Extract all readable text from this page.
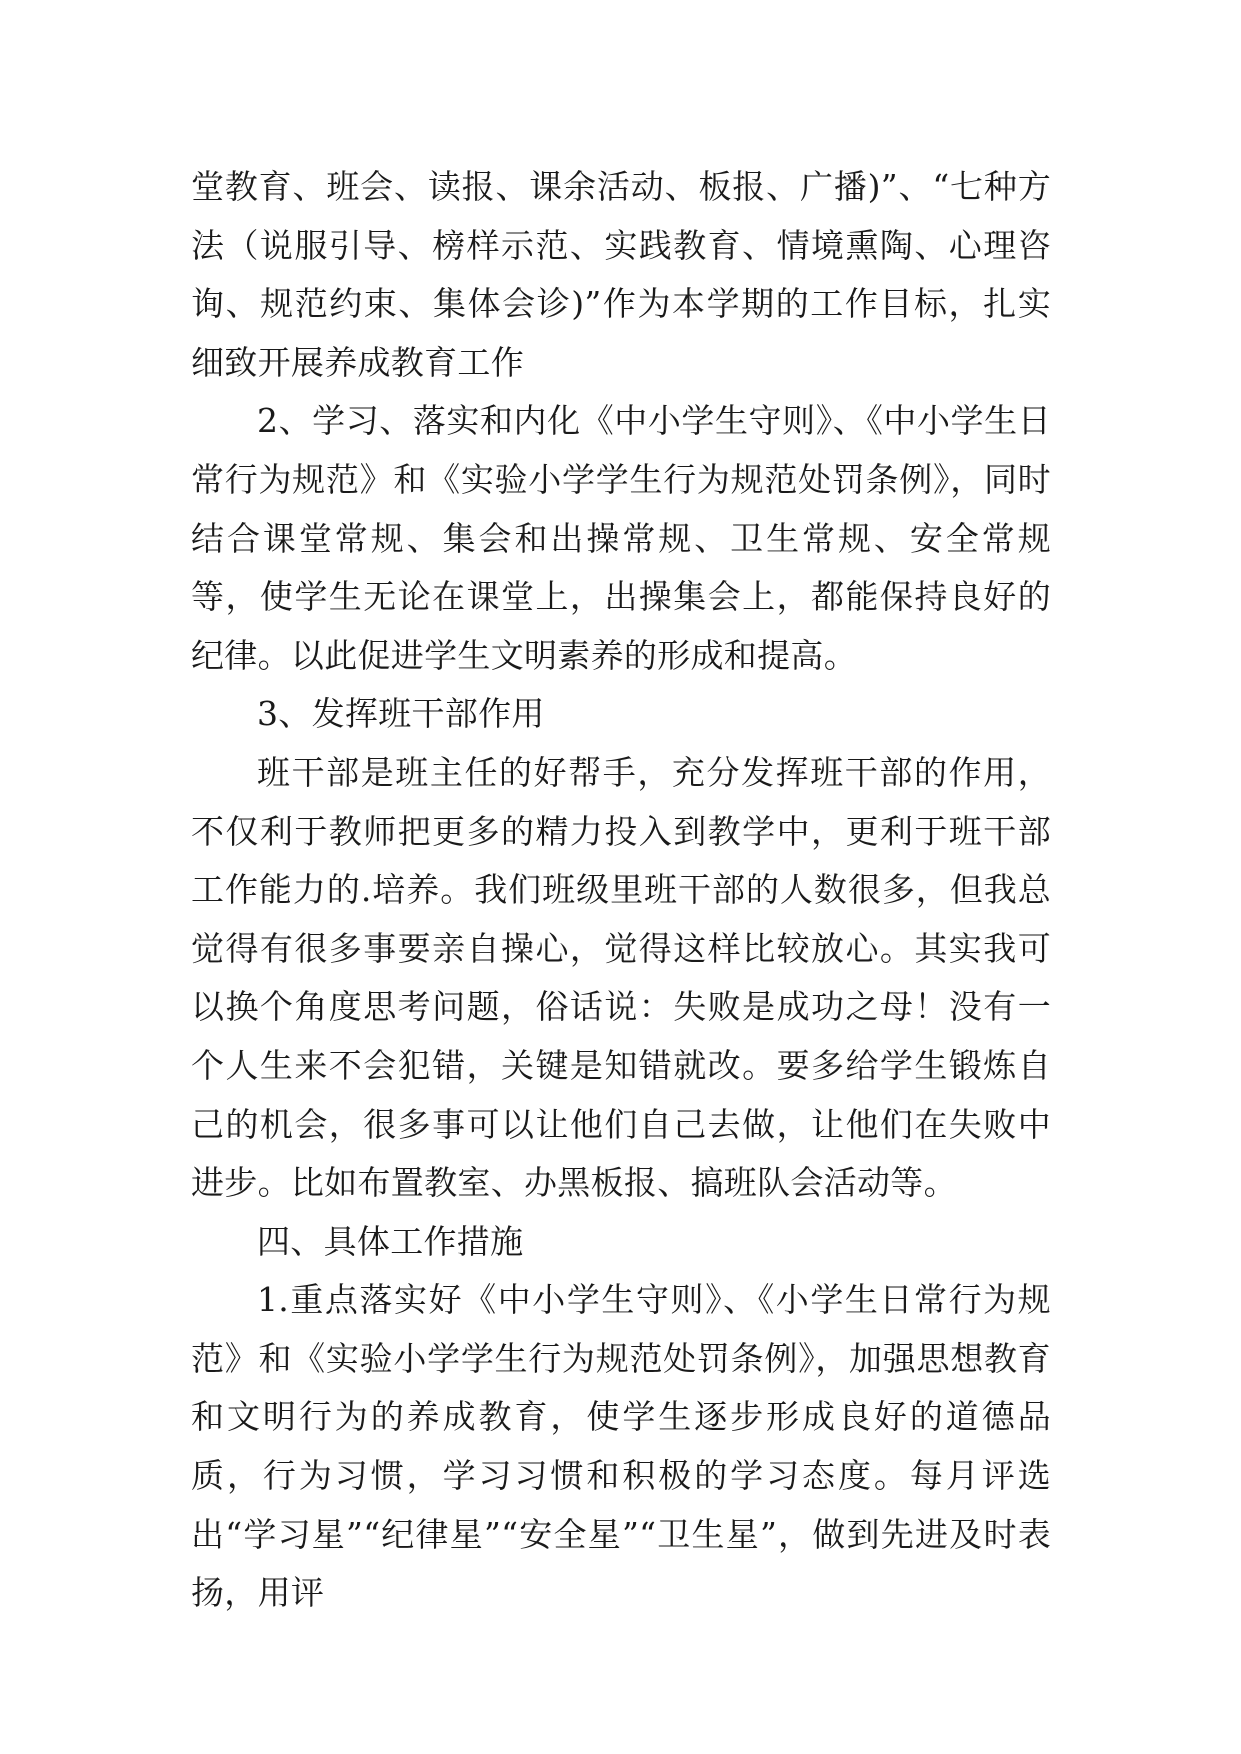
堂教育、班会、读报、课余活动、板报、广播)”、“七种方法（说服引导、榜样示范、实践教育、情境熏陶、心理咨询、规范约束、集体会诊)”作为本学期的工作目标，扎实细致开展养成教育工作

2、学习、落实和内化《中小学生守则》、《中小学生日常行为规范》和《实验小学学生行为规范处罚条例》，同时结合课堂常规、集会和出操常规、卫生常规、安全常规等，使学生无论在课堂上，出操集会上，都能保持良好的纪律。以此促进学生文明素养的形成和提高。

3、发挥班干部作用

班干部是班主任的好帮手，充分发挥班干部的作用，不仅利于教师把更多的精力投入到教学中，更利于班干部工作能力的.培养。我们班级里班干部的人数很多，但我总觉得有很多事要亲自操心，觉得这样比较放心。其实我可以换个角度思考问题，俗话说：失败是成功之母！没有一个人生来不会犯错，关键是知错就改。要多给学生锻炼自己的机会，很多事可以让他们自己去做，让他们在失败中进步。比如布置教室、办黑板报、搞班队会活动等。

四、具体工作措施

1.重点落实好《中小学生守则》、《小学生日常行为规范》和《实验小学学生行为规范处罚条例》，加强思想教育和文明行为的养成教育，使学生逐步形成良好的道德品质，行为习惯，学习习惯和积极的学习态度。每月评选出“学习星”“纪律星”“安全星”“卫生星”，做到先进及时表扬，用评
